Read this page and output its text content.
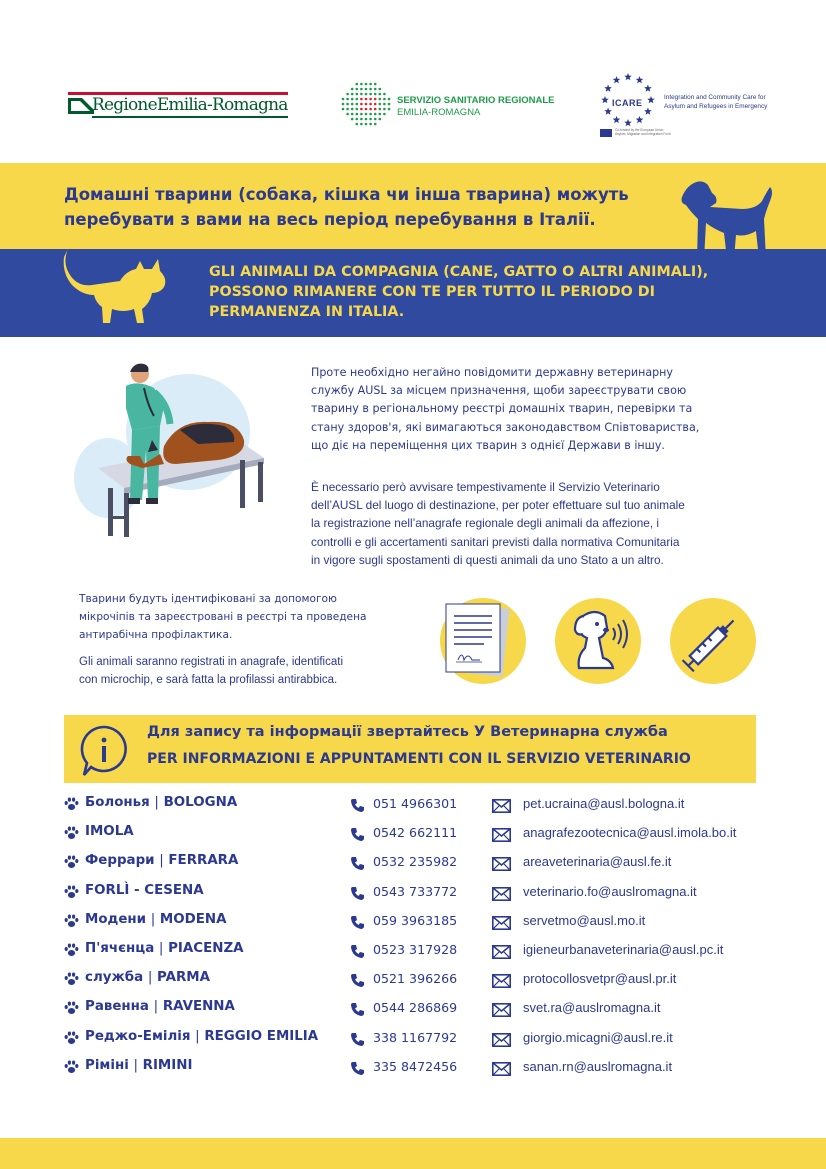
RegioneEmilia-Romagna	SERVIZIO SANITARIO REGIONALE
EMILIA-ROMAGNA
ICARE
Integration and Community Care for
Asylum and Refugees in Emergency
Co-funded by the European Union
Asylum, Migration and Integration Fund
Домашні тварини (собака, кішка чи інша тварина) можуть
перебувати з вами на весь період перебування в Італії.
GLI ANIMALI DA COMPAGNIA (CANE, GATTO O ALTRI ANIMALI),
POSSONO RIMANERE CON TE PER TUTTO IL PERIODO DI
PERMANENZA IN ITALIA.
Проте необхідно негайно повідомити державну ветеринарну
службу AUSL за місцем призначення, щоби зареєструвати свою
тварину в регіональному реєстрі домашніх тварин, перевірки та
стану здоров'я, які вимагаються законодавством Співтовариства,
що діє на переміщення цих тварин з однієї Держави в іншу.
È necessario però avvisare tempestivamente il Servizio Veterinario
dell’AUSL del luogo di destinazione, per poter effettuare sul tuo animale
la registrazione nell’anagrafe regionale degli animali da affezione, i
controlli e gli accertamenti sanitari previsti dalla normativa Comunitaria
in vigore sugli spostamenti di questi animali da uno Stato a un altro.
Тварини будуть ідентифіковані за допомогою
мікрочіпів та зареєстровані в реєстрі та проведена
антирабічна профілактика.
Gli animali saranno registrati in anagrafe, identificati
con microchip, e sarà fatta la profilassi antirabbica.
Для запису та інформації звертайтесь У Ветеринарна служба
PER INFORMAZIONI E APPUNTAMENTI CON IL SERVIZIO VETERINARIO
Болонья | BOLOGNA	051 4966301	pet.ucraina@ausl.bologna.it
IMOLA	0542 662111	anagrafezootecnica@ausl.imola.bo.it
Феррари | FERRARA	0532 235982	areaveterinaria@ausl.fe.it
FORLÌ - CESENA	0543 733772	veterinario.fo@auslromagna.it
Модени | MODENA	059 3963185	servetmo@ausl.mo.it
П'ячєнца | PIACENZA	0523 317928	igieneurbanaveterinaria@ausl.pc.it
служба | PARMA	0521 396266	protocollosvetpr@ausl.pr.it
Равенна | RAVENNA	0544 286869	svet.ra@auslromagna.it
Реджо-Емілія | REGGIO EMILIA	338 1167792	giorgio.micagni@ausl.re.it
Ріміні | RIMINI	335 8472456	sanan.rn@auslromagna.it
